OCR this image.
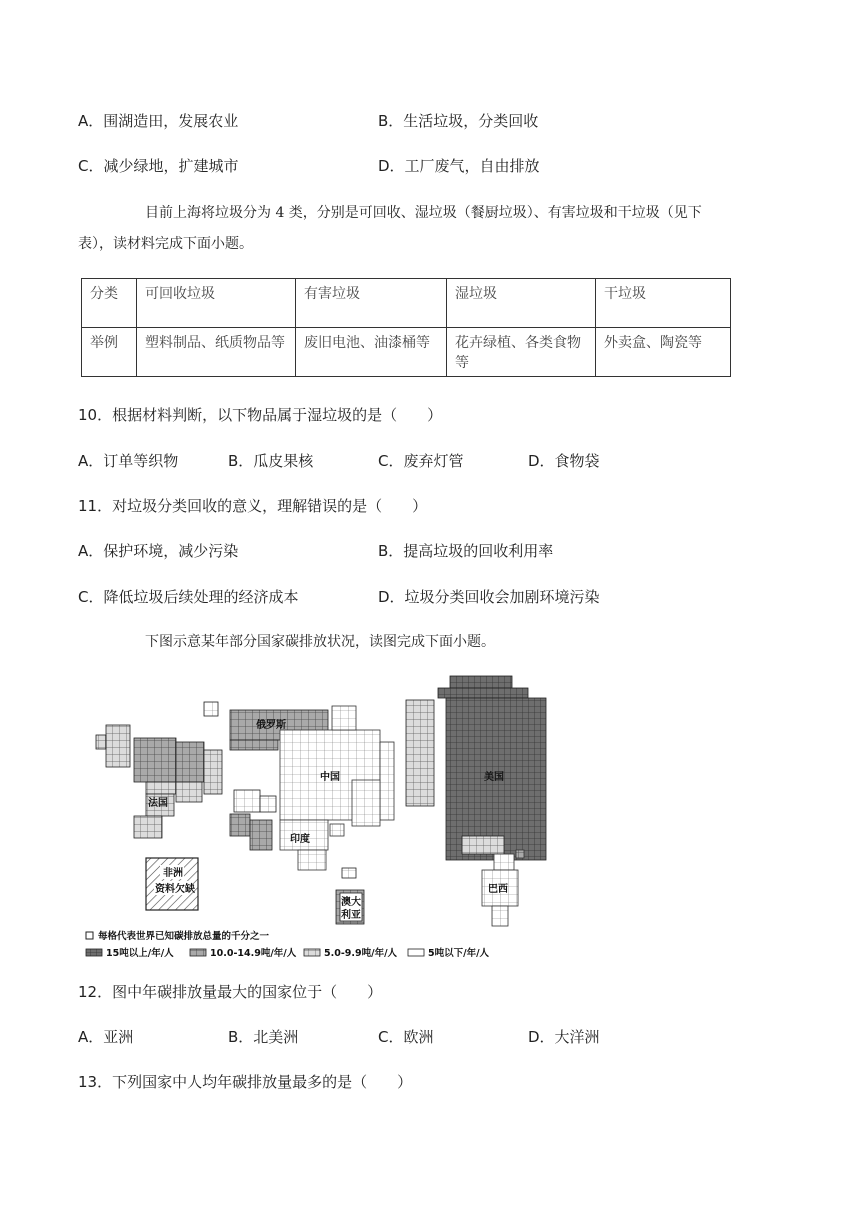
A．围湖造田，发展农业	B．生活垃圾，分类回收
C．减少绿地，扩建城市	D．工厂废气，自由排放
目前上海将垃圾分为 4 类，分别是可回收、湿垃圾（餐厨垃圾）、有害垃圾和干垃圾（见下
表），读材料完成下面小题。
分类	可回收垃圾	有害垃圾	湿垃圾	干垃圾
举例	塑料制品、纸质物品等	废旧电池、油漆桶等	花卉绿植、各类食物等	外卖盒、陶瓷等
10．根据材料判断，以下物品属于湿垃圾的是（　　）
A．订单等织物	B．瓜皮果核	C．废弃灯管	D．食物袋
11．对垃圾分类回收的意义，理解错误的是（　　）
A．保护环境，减少污染	B．提高垃圾的回收利用率
C．降低垃圾后续处理的经济成本	D．垃圾分类回收会加剧环境污染
下图示意某年部分国家碳排放状况，读图完成下面小题。
俄罗斯
中国	美国
法国
印度
非洲
资料欠缺
澳大
利亚
巴西
每格代表世界已知碳排放总量的千分之一
15吨以上/年/人	10.0-14.9吨/年/人	5.0-9.9吨/年/人	5吨以下/年/人
12．图中年碳排放量最大的国家位于（　　）
A．亚洲	B．北美洲	C．欧洲	D．大洋洲
13．下列国家中人均年碳排放量最多的是（　　）
